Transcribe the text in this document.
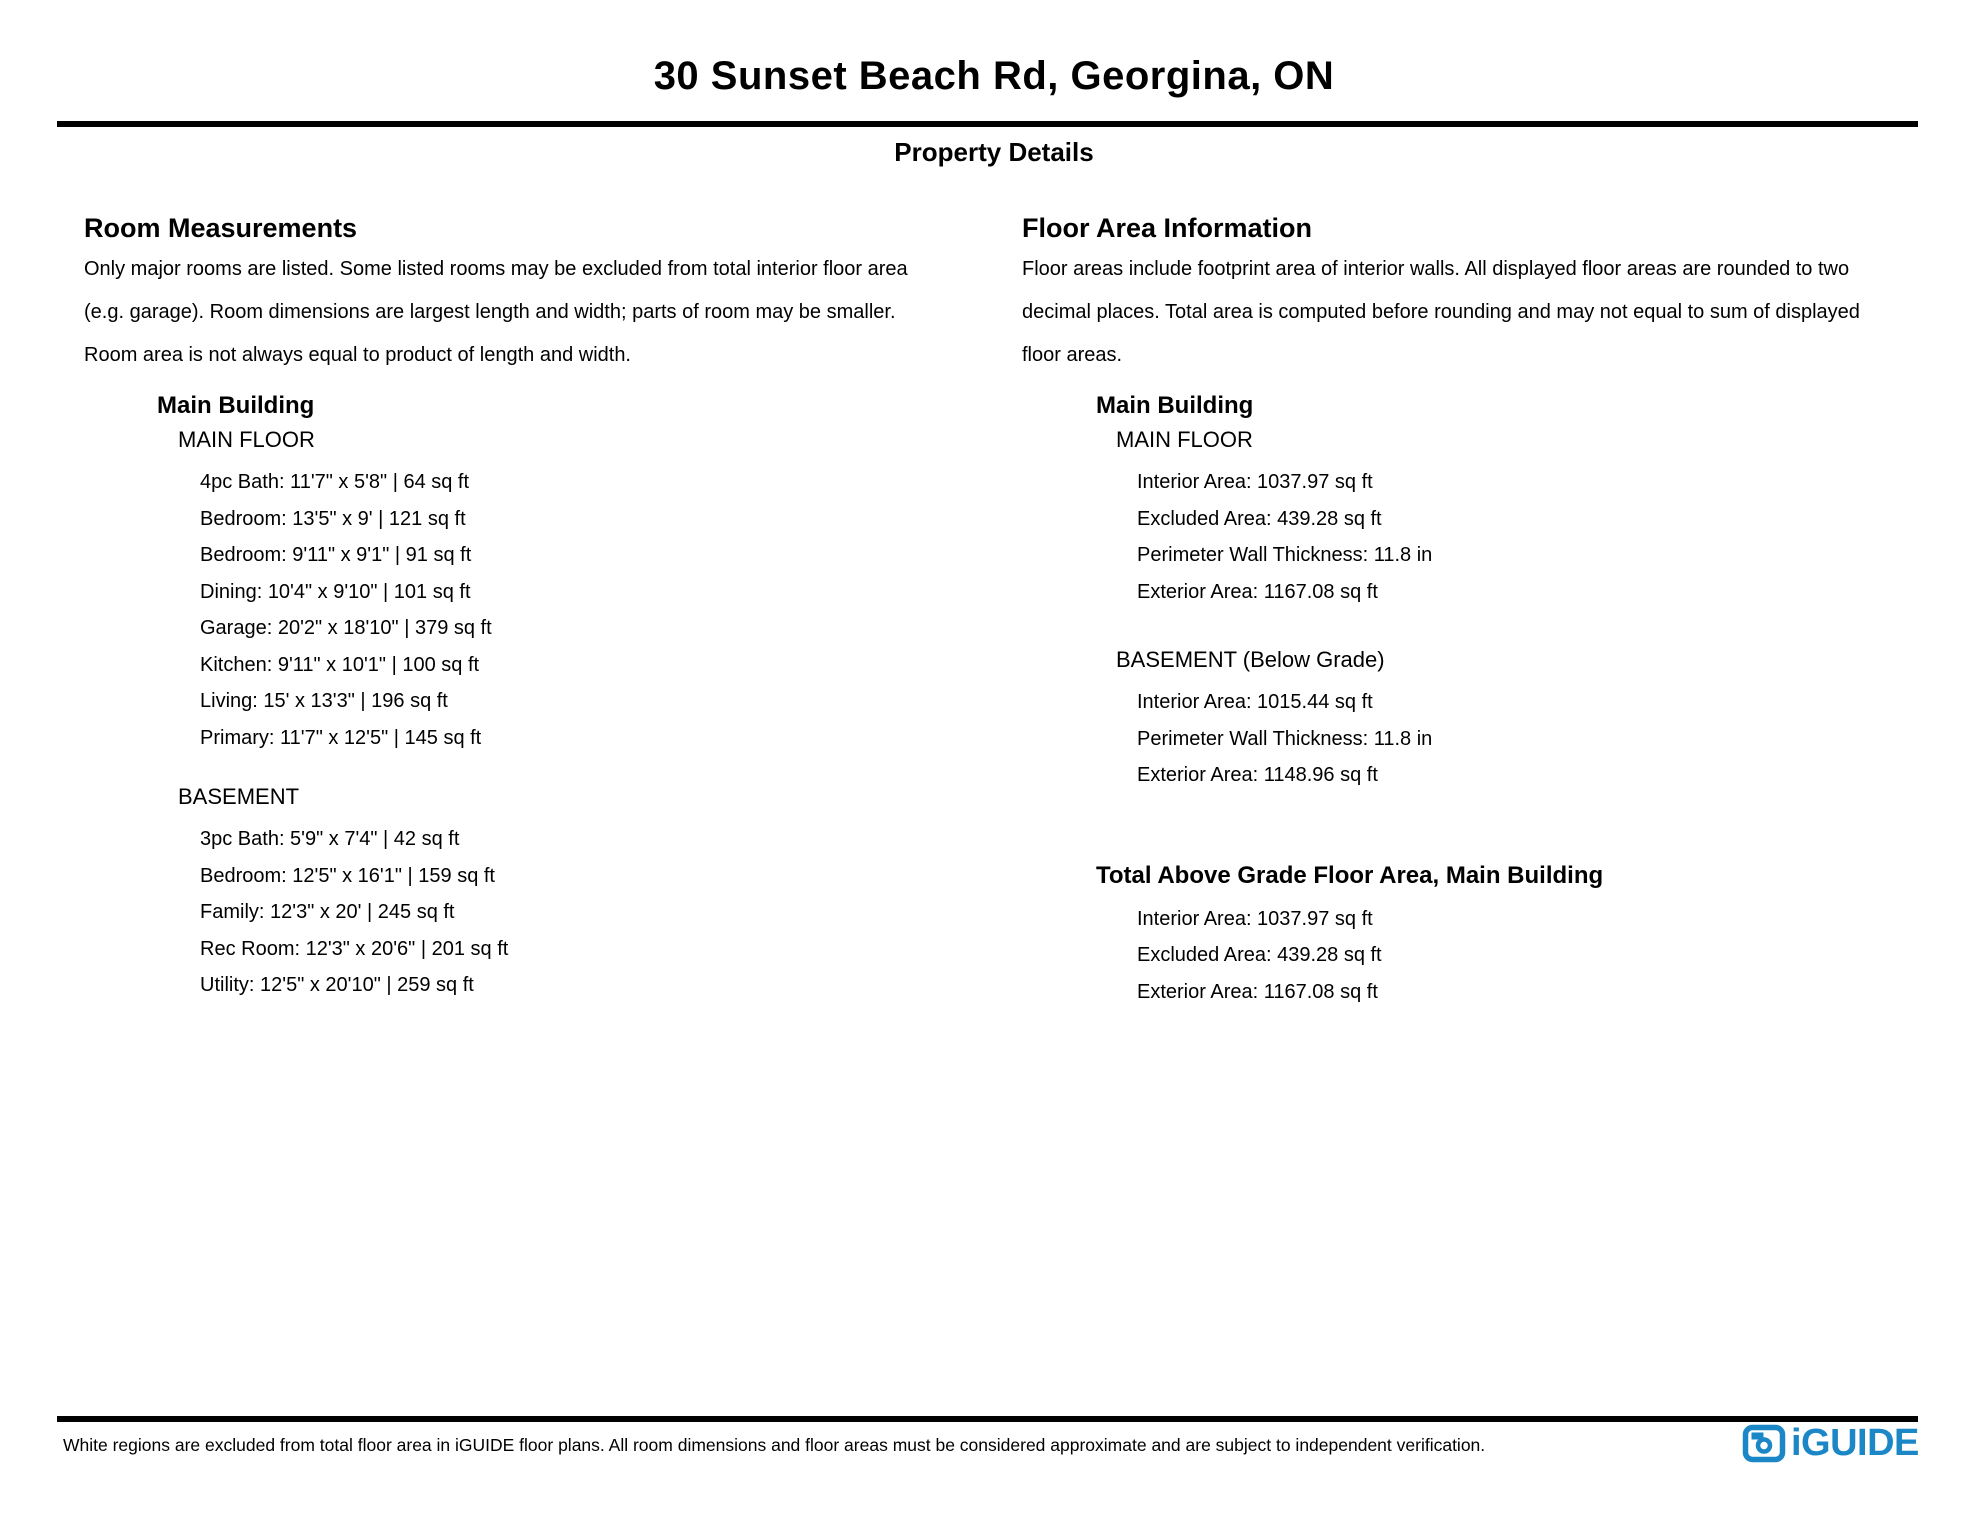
30 Sunset Beach Rd, Georgina, ON
Property Details
Room Measurements
Only major rooms are listed. Some listed rooms may be excluded from total interior floor area
(e.g. garage). Room dimensions are largest length and width; parts of room may be smaller.
Room area is not always equal to product of length and width.
Main Building
MAIN FLOOR
4pc Bath: 11'7" x 5'8" | 64 sq ft
Bedroom: 13'5" x 9' | 121 sq ft
Bedroom: 9'11" x 9'1" | 91 sq ft
Dining: 10'4" x 9'10" | 101 sq ft
Garage: 20'2" x 18'10" | 379 sq ft
Kitchen: 9'11" x 10'1" | 100 sq ft
Living: 15' x 13'3" | 196 sq ft
Primary: 11'7" x 12'5" | 145 sq ft
BASEMENT
3pc Bath: 5'9" x 7'4" | 42 sq ft
Bedroom: 12'5" x 16'1" | 159 sq ft
Family: 12'3" x 20' | 245 sq ft
Rec Room: 12'3" x 20'6" | 201 sq ft
Utility: 12'5" x 20'10" | 259 sq ft
Floor Area Information
Floor areas include footprint area of interior walls. All displayed floor areas are rounded to two
decimal places. Total area is computed before rounding and may not equal to sum of displayed
floor areas.
Main Building
MAIN FLOOR
Interior Area: 1037.97 sq ft
Excluded Area: 439.28 sq ft
Perimeter Wall Thickness: 11.8 in
Exterior Area: 1167.08 sq ft
BASEMENT (Below Grade)
Interior Area: 1015.44 sq ft
Perimeter Wall Thickness: 11.8 in
Exterior Area: 1148.96 sq ft
Total Above Grade Floor Area, Main Building
Interior Area: 1037.97 sq ft
Excluded Area: 439.28 sq ft
Exterior Area: 1167.08 sq ft
White regions are excluded from total floor area in iGUIDE floor plans. All room dimensions and floor areas must be considered approximate and are subject to independent verification.	iGUIDE
